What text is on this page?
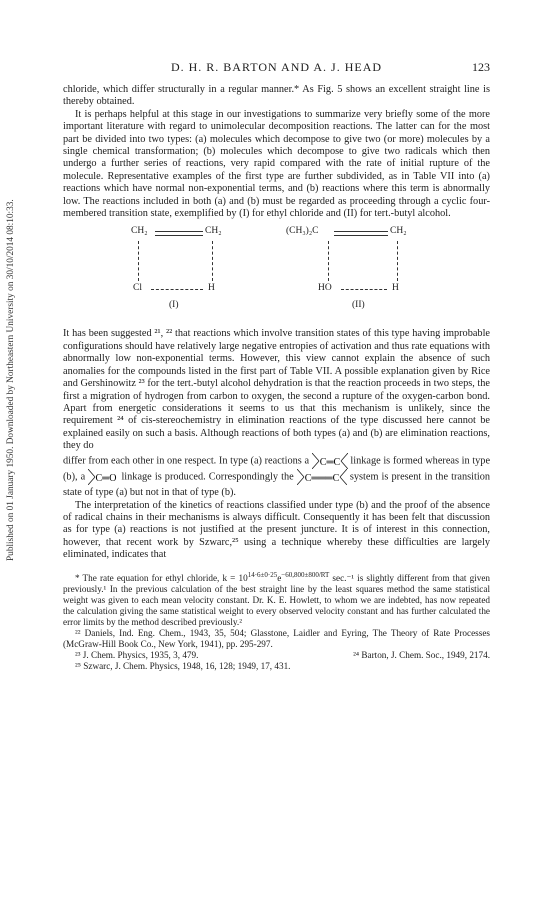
Published on 01 January 1950. Downloaded by Northeastern University on 30/10/2014 08:10:33.
D. H. R. BARTON AND A. J. HEAD	123

chloride, which differ structurally in a regular manner.* As Fig. 5 shows an excellent straight line is thereby obtained.

It is perhaps helpful at this stage in our investigations to summarize very briefly some of the more important literature with regard to unimolecular decomposition reactions. The latter can for the most part be divided into two types: (a) molecules which decompose to give two (or more) molecules by a single chemical transformation; (b) molecules which decompose to give two radicals which then undergo a further series of reactions, very rapid compared with the rate of initial rupture of the molecule. Representative examples of the first type are further subdivided, as in Table VII into (a) reactions which have normal non-exponential terms, and (b) reactions where this term is abnormally low. The reactions included in both (a) and (b) must be regarded as proceeding through a cyclic four-membered transition state, exemplified by (I) for ethyl chloride and (II) for tert.-butyl alcohol.

CH₂	CH₂
Cl	H
(I)
(CH₃)₂C	CH₂
HO	H
(II)

It has been suggested ²¹, ²² that reactions which involve transition states of this type having improbable configurations should have relatively large negative entropies of activation and thus rate equations with abnormally low non-exponential terms. However, this view cannot explain the absence of such anomalies for the compounds listed in the first part of Table VII. A possible explanation given by Rice and Gershinowitz ²³ for the tert.-butyl alcohol dehydration is that the reaction proceeds in two steps, the first a migration of hydrogen from carbon to oxygen, the second a rupture of the oxygen-carbon bond. Apart from energetic considerations it seems to us that this mechanism is unlikely, since the requirement ²⁴ of cis-stereochemistry in elimination reactions of the type discussed here cannot be explained easily on such a basis. Although reactions of both types (a) and (b) are elimination reactions, they do

differ from each other in one respect. In type (a) reactions a C═C linkage is formed whereas in type (b), a C═O linkage is produced. Correspondingly the C═══C system is present in the transition state of type (a) but not in that of type (b).

The interpretation of the kinetics of reactions classified under type (b) and the proof of the absence of radical chains in their mechanisms is always difficult. Consequently it has been felt that discussion as for type (a) reactions is not justified at the present juncture. It is of interest in this connection, however, that recent work by Szwarc,²⁵ using a technique whereby these difficulties are largely eliminated, indicates that

* The rate equation for ethyl chloride, $k = 10^{14\cdot 6\pm 0\cdot 25}e^{-60,800\pm 800/RT}$ sec.⁻¹ is slightly different from that given previously.¹ In the previous calculation of the best straight line by the least squares method the same statistical weight was given to each mean velocity constant. Dr. K. E. Howlett, to whom we are indebted, has now repeated the calculation giving the same statistical weight to every observed velocity constant and has further calculated the error limits by the method described previously.²

²² Daniels, Ind. Eng. Chem., 1943, 35, 504; Glasstone, Laidler and Eyring, The Theory of Rate Processes (McGraw-Hill Book Co., New York, 1941), pp. 295-297.

²³ J. Chem. Physics, 1935, 3, 479.	²⁴ Barton, J. Chem. Soc., 1949, 2174.

²⁵ Szwarc, J. Chem. Physics, 1948, 16, 128; 1949, 17, 431.
